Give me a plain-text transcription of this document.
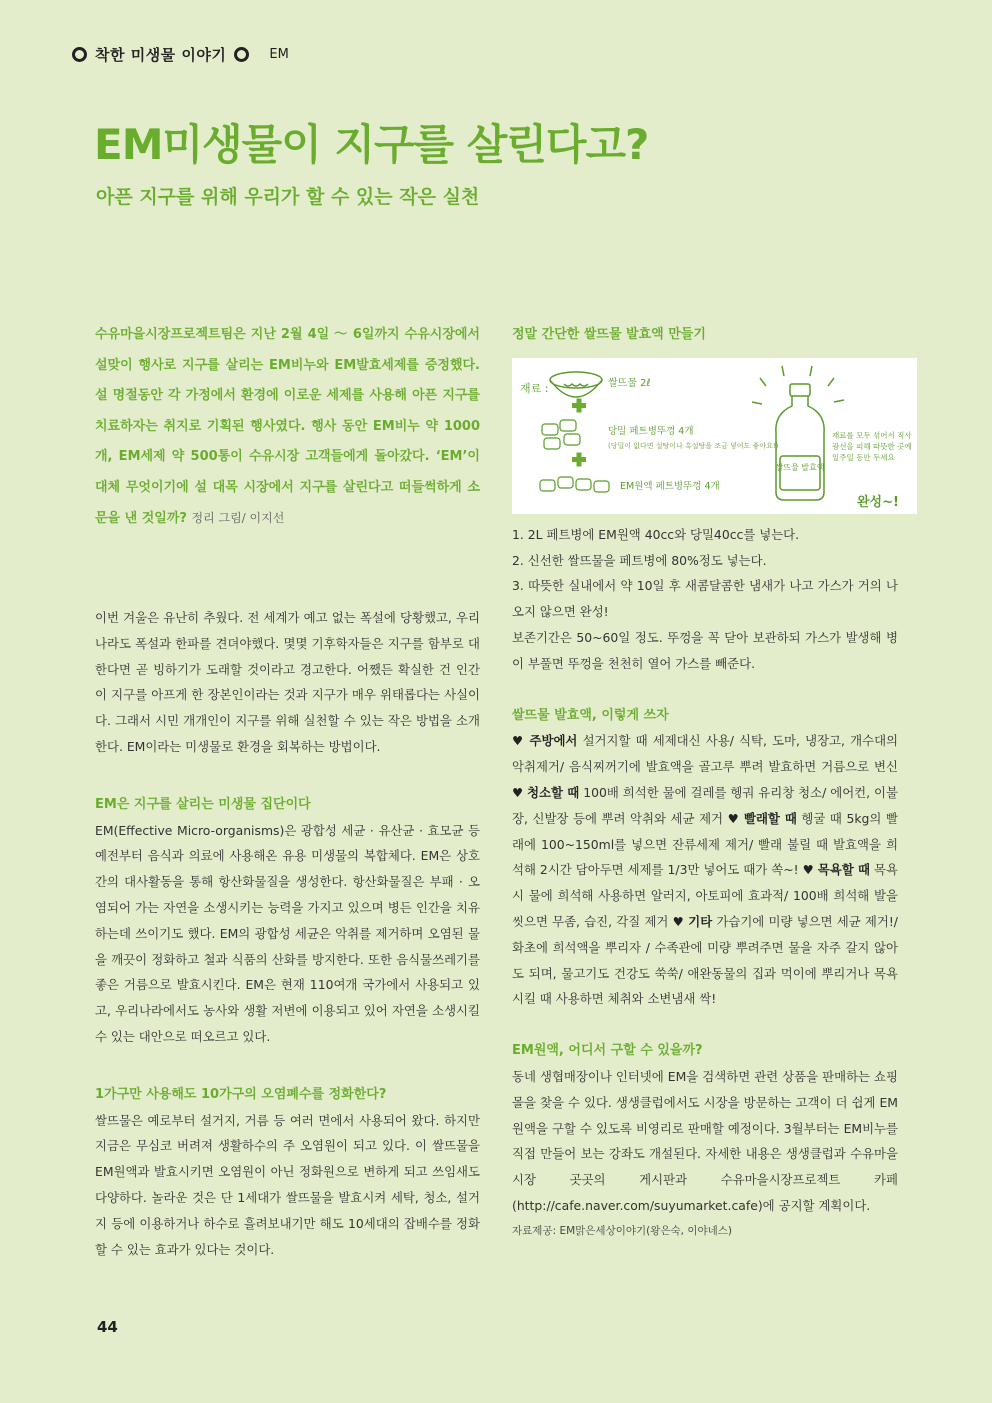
착한 미생물 이야기	EM
EM미생물이 지구를 살린다고?
아픈 지구를 위해 우리가 할 수 있는 작은 실천

수유마을시장프로젝트팀은 지난 2월 4일 ～ 6일까지 수유시장에서 설맞이 행사로 지구를 살리는 EM비누와 EM발효세제를 증정했다. 설 명절동안 각 가정에서 환경에 이로운 세제를 사용해 아픈 지구를 치료하자는 취지로 기획된 행사였다. 행사 동안 EM비누 약 1000개, EM세제 약 500통이 수유시장 고객들에게 돌아갔다. ‘EM’이 대체 무엇이기에 설 대목 시장에서 지구를 살린다고 떠들썩하게 소문을 낸 것일까? 정리 그림/ 이지선

이번 겨울은 유난히 추웠다. 전 세계가 예고 없는 폭설에 당황했고, 우리나라도 폭설과 한파를 견뎌야했다. 몇몇 기후학자들은 지구를 함부로 대한다면 곧 빙하기가 도래할 것이라고 경고한다. 어쨌든 확실한 건 인간이 지구를 아프게 한 장본인이라는 것과 지구가 매우 위태롭다는 사실이다. 그래서 시민 개개인이 지구를 위해 실천할 수 있는 작은 방법을 소개한다. EM이라는 미생물로 환경을 회복하는 방법이다.

EM은 지구를 살리는 미생물 집단이다

EM(Effective Micro-organisms)은 광합성 세균 · 유산균 · 효모균 등 예전부터 음식과 의료에 사용해온 유용 미생물의 복합체다. EM은 상호간의 대사활동을 통해 항산화물질을 생성한다. 항산화물질은 부패 · 오염되어 가는 자연을 소생시키는 능력을 가지고 있으며 병든 인간을 치유하는데 쓰이기도 했다. EM의 광합성 세균은 악취를 제거하며 오염된 물을 깨끗이 정화하고 철과 식품의 산화를 방지한다. 또한 음식물쓰레기를 좋은 거름으로 발효시킨다. EM은 현재 110여개 국가에서 사용되고 있고, 우리나라에서도 농사와 생활 저변에 이용되고 있어 자연을 소생시킬 수 있는 대안으로 떠오르고 있다.

1가구만 사용해도 10가구의 오염폐수를 정화한다?

쌀뜨물은 예로부터 설거지, 거름 등 여러 면에서 사용되어 왔다. 하지만 지금은 무심코 버려져 생활하수의 주 오염원이 되고 있다. 이 쌀뜨물을 EM원액과 발효시키면 오염원이 아닌 정화원으로 변하게 되고 쓰임새도 다양하다. 놀라운 것은 단 1세대가 쌀뜨물을 발효시켜 세탁, 청소, 설거지 등에 이용하거나 하수로 흘려보내기만 해도 10세대의 잡배수를 정화할 수 있는 효과가 있다는 것이다.

정말 간단한 쌀뜨물 발효액 만들기

재료 :	쌀뜨물 2ℓ
당밀 페트병뚜껑 4개
(당밀이 없다면 설탕이나 흑설탕을 조금 넣어도 좋아요!)
EM원액 페트병뚜껑 4개
쌀뜨물 발효액
재료를 모두 섞어서 직사광선을 피해 따뜻한 곳에 일주일 동안 두세요
완성~!

1. 2L 페트병에 EM원액 40cc와 당밀40cc를 넣는다.

2. 신선한 쌀뜨물을 페트병에 80%정도 넣는다.

3. 따뜻한 실내에서 약 10일 후 새콤달콤한 냄새가 나고 가스가 거의 나오지 않으면 완성!

보존기간은 50~60일 정도. 뚜껑을 꼭 닫아 보관하되 가스가 발생해 병이 부풀면 뚜껑을 천천히 열어 가스를 빼준다.

쌀뜨물 발효액, 이렇게 쓰자

♥ 주방에서 설거지할 때 세제대신 사용/ 식탁, 도마, 냉장고, 개수대의 악취제거/ 음식찌꺼기에 발효액을 골고루 뿌려 발효하면 거름으로 변신 ♥ 청소할 때 100배 희석한 물에 걸레를 헹궈 유리창 청소/ 에어컨, 이불장, 신발장 등에 뿌려 악취와 세균 제거 ♥ 빨래할 때 헹굴 때 5kg의 빨래에 100~150ml를 넣으면 잔류세제 제거/ 빨래 불릴 때 발효액을 희석해 2시간 담아두면 세제를 1/3만 넣어도 때가 쏙~! ♥ 목욕할 때 목욕 시 물에 희석해 사용하면 알러지, 아토피에 효과적/ 100배 희석해 발을 씻으면 무좀, 습진, 각질 제거 ♥ 기타 가습기에 미량 넣으면 세균 제거!/ 화초에 희석액을 뿌리자 / 수족관에 미량 뿌려주면 물을 자주 갈지 않아도 되며, 물고기도 건강도 쑥쑥/ 애완동물의 집과 먹이에 뿌리거나 목욕시킬 때 사용하면 체취와 소변냄새 싹!

EM원액, 어디서 구할 수 있을까?

동네 생협매장이나 인터넷에 EM을 검색하면 관련 상품을 판매하는 쇼핑몰을 찾을 수 있다. 생생클럽에서도 시장을 방문하는 고객이 더 쉽게 EM원액을 구할 수 있도록 비영리로 판매할 예정이다. 3월부터는 EM비누를 직접 만들어 보는 강좌도 개설된다. 자세한 내용은 생생클럽과 수유마을시장 곳곳의 게시판과 수유마을시장프로젝트 카페(http://cafe.naver.com/suyumarket.cafe)에 공지할 계획이다.

자료제공: EM맑은세상이야기(왕은숙, 이야네스)

44
